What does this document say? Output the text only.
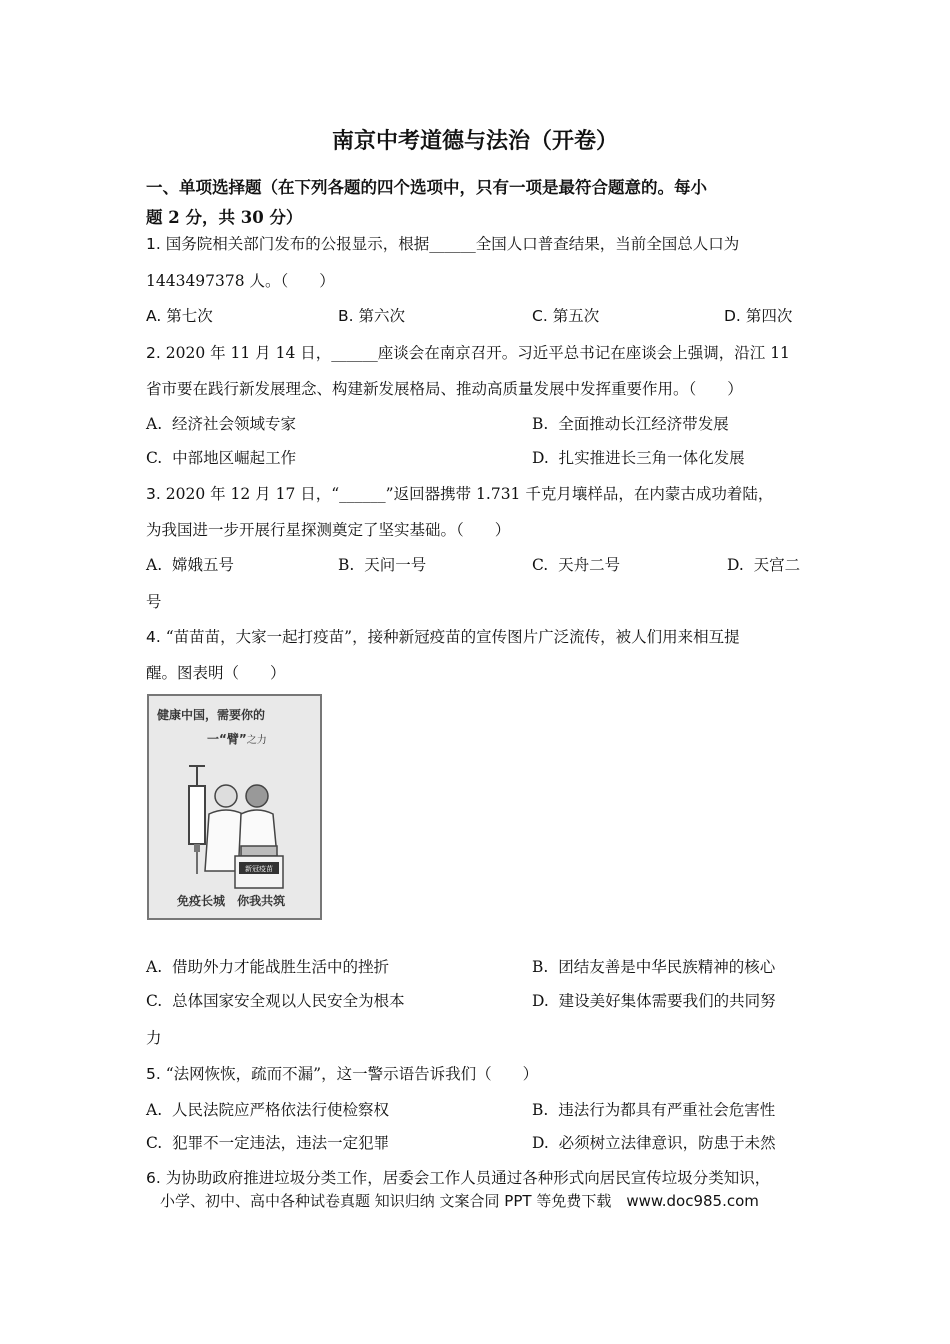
南京中考道德与法治（开卷）
一、单项选择题（在下列各题的四个选项中，只有一项是最符合题意的。每小
题 2 分，共 30 分）
1. 国务院相关部门发布的公报显示，根据______全国人口普查结果，当前全国总人口为
1443497378 人。（　　）
A. 第七次	B. 第六次	C. 第五次	D. 第四次
2. 2020 年 11 月 14 日，______座谈会在南京召开。习近平总书记在座谈会上强调，沿江 11
省市要在践行新发展理念、构建新发展格局、推动高质量发展中发挥重要作用。（　　）
A. 经济社会领域专家	B. 全面推动长江经济带发展
C. 中部地区崛起工作	D. 扎实推进长三角一体化发展
3. 2020 年 12 月 17 日，“______”返回器携带 1.731 千克月壤样品，在内蒙古成功着陆，
为我国进一步开展行星探测奠定了坚实基础。（　　）
A. 嫦娥五号	B. 天问一号	C. 天舟二号	D. 天宫二
号
4. “苗苗苗，大家一起打疫苗”，接种新冠疫苗的宣传图片广泛流传，被人们用来相互提
醒。图表明（　　）
新冠疫苗
健康中国，需要你的
一“臂”之力
免疫长城 你我共筑
A. 借助外力才能战胜生活中的挫折	B. 团结友善是中华民族精神的核心
C. 总体国家安全观以人民安全为根本	D. 建设美好集体需要我们的共同努
力
5. “法网恢恢，疏而不漏”，这一警示语告诉我们（　　）
A. 人民法院应严格依法行使检察权	B. 违法行为都具有严重社会危害性
C. 犯罪不一定违法，违法一定犯罪	D. 必须树立法律意识，防患于未然
6. 为协助政府推进垃圾分类工作，居委会工作人员通过各种形式向居民宣传垃圾分类知识，
小学、初中、高中各种试卷真题 知识归纳 文案合同 PPT 等免费下载　www.doc985.com
